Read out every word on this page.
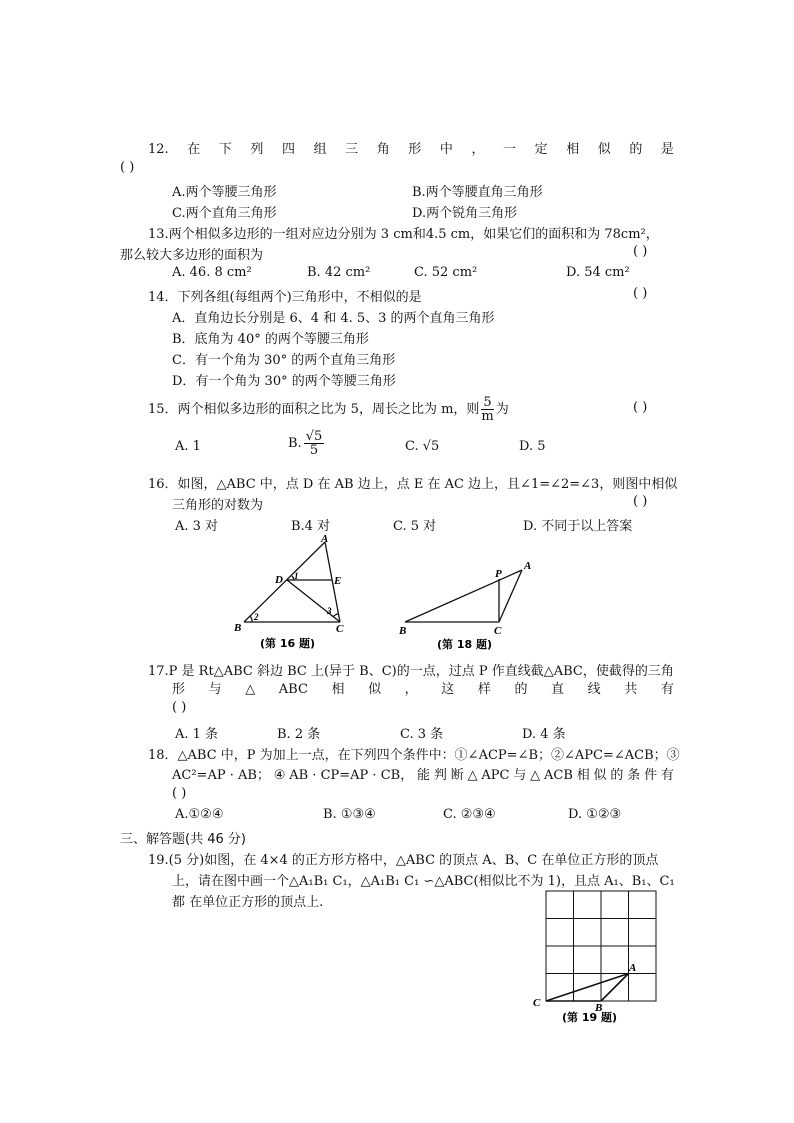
12. 在 下 列 四 组 三 角 形 中 ， 一 定 相 似 的 是
( )
A.两个等腰三角形	B.两个等腰直角三角形
C.两个直角三角形	D.两个锐角三角形
13.两个相似多边形的一组对应边分别为 3 cm和4.5 cm，如果它们的面积和为 78cm²，
那么较大多边形的面积为	( )
A. 46. 8 cm²	B. 42 cm²	C. 52 cm²	D. 54 cm²
14．下列各组(每组两个)三角形中，不相似的是	( )
A．直角边长分别是 6、4 和 4. 5、3 的两个直角三角形
B．底角为 40° 的两个等腰三角形
C．有一个角为 30° 的两个直角三角形
D．有一个角为 30° 的两个等腰三角形
15．两个相似多边形的面积之比为 5，周长之比为 m，则 $\frac{5}{m}$ 为	( )
A. 1	B. $\frac{√5}{5}$	C. √5	D. 5
16．如图，△ABC 中，点 D 在 AB 边上，点 E 在 AC 边上，且∠1=∠2=∠3，则图中相似
三角形的对数为	( )
A. 3 对	B.4 对	C. 5 对	D. 不同于以上答案
A
B	C
D	E
1
2
3
(第 16 题)
P
A
B	C
(第 18 题)
17.P 是 Rt△ABC 斜边 BC 上(异于 B、C)的一点，过点 P 作直线截△ABC，使截得的三角
形 与 △ ABC 相 似 ， 这 样 的 直 线 共 有
( )
A. 1 条	B. 2 条	C. 3 条	D. 4 条
18．△ABC 中，P 为加上一点，在下列四个条件中：①∠ACP=∠B；②∠APC=∠ACB；③
AC²=AP · AB； ④ AB · CP=AP · CB， 能 判 断 △ APC 与 △ ACB 相 似 的 条 件 有
( )
A.①②④	B. ①③④	C. ②③④	D. ①②③
三、解答题(共 46 分)
19.(5 分)如图，在 4×4 的正方形方格中，△ABC 的顶点 A、B、C 在单位正方形的顶点
上，请在图中画一个△A₁B₁ C₁，△A₁B₁ C₁ ∽△ABC(相似比不为 1)，且点 A₁、B₁、C₁
都 在单位正方形的顶点上.
A
B
C
(第 19 题)
